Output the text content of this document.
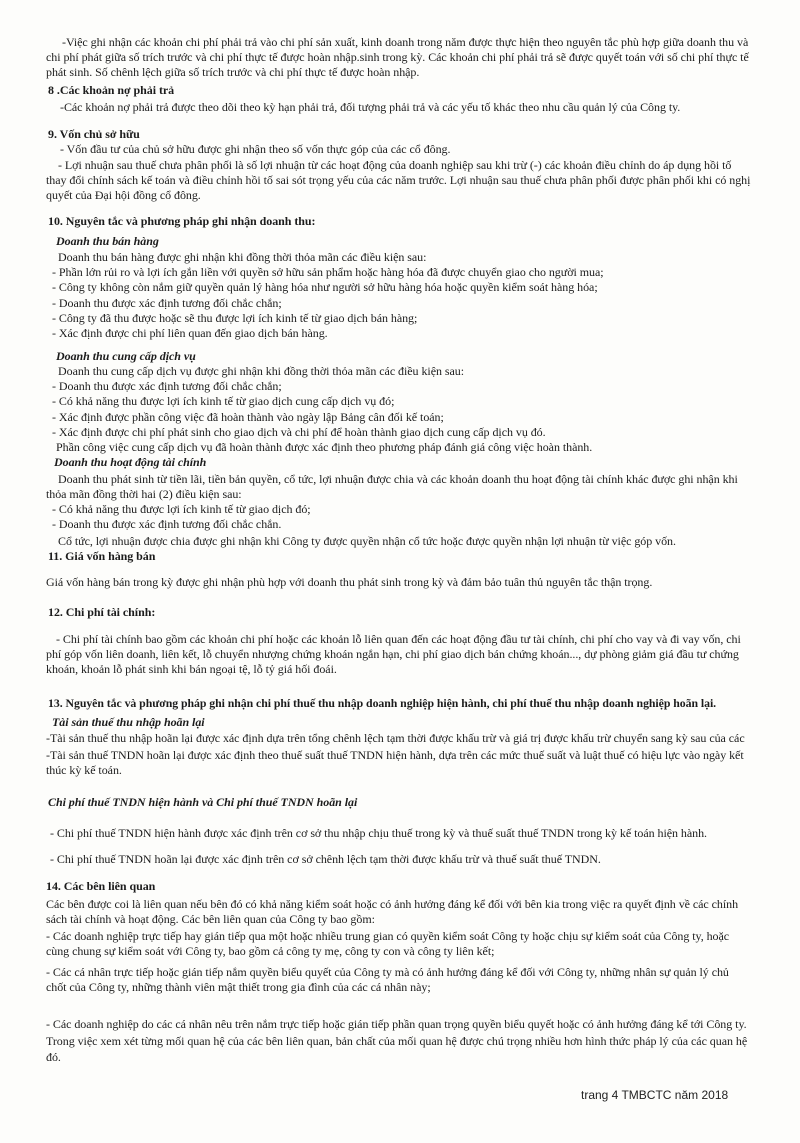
-Việc ghi nhận các khoản chi phí phải trả vào chi phí sản xuất, kinh doanh trong năm được thực hiện theo nguyên tắc phù hợp giữa doanh thu và
chi phí phát giữa số trích trước và chi phí thực tế được hoàn nhập.sinh trong kỳ. Các khoản chi phí phải trả sẽ được quyết toán với số chi phí thực tế
phát sinh. Số chênh lệch giữa số trích trước và chi phí thực tế được hoàn nhập.
8 .Các khoản nợ phải trả
-Các khoản nợ phải trả được theo dõi theo kỳ hạn phải trả, đối tượng phải trả và các yếu tố khác theo nhu cầu quản lý của Công ty.
9. Vốn chủ sở hữu
- Vốn đầu tư của chủ sở hữu được ghi nhận theo số vốn thực góp của các cổ đông.
- Lợi nhuận sau thuế chưa phân phối là số lợi nhuận từ các hoạt động của doanh nghiệp sau khi trừ (-) các khoản điều chỉnh do áp dụng hồi tố
thay đổi chính sách kế toán và điều chỉnh hồi tố sai sót trọng yếu của các năm trước. Lợi nhuận sau thuế chưa phân phối được phân phối khi có nghị
quyết của Đại hội đồng cổ đông.
10. Nguyên tắc và phương pháp ghi nhận doanh thu:
Doanh thu bán hàng
Doanh thu bán hàng được ghi nhận khi đồng thời thỏa mãn các điều kiện sau:
- Phần lớn rủi ro và lợi ích gắn liền với quyền sở hữu sản phẩm hoặc hàng hóa đã được chuyển giao cho người mua;
- Công ty không còn nắm giữ quyền quản lý hàng hóa như người sở hữu hàng hóa hoặc quyền kiểm soát hàng hóa;
- Doanh thu được xác định tương đối chắc chắn;
- Công ty đã thu được hoặc sẽ thu được lợi ích kinh tế từ giao dịch bán hàng;
- Xác định được chi phí liên quan đến giao dịch bán hàng.
Doanh thu cung cấp dịch vụ
Doanh thu cung cấp dịch vụ được ghi nhận khi đồng thời thỏa mãn các điều kiện sau:
- Doanh thu được xác định tương đối chắc chắn;
- Có khả năng thu được lợi ích kinh tế từ giao dịch cung cấp dịch vụ đó;
- Xác định được phần công việc đã hoàn thành vào ngày lập Bảng cân đối kế toán;
- Xác định được chi phí phát sinh cho giao dịch và chi phí để hoàn thành giao dịch cung cấp dịch vụ đó.
Phần công việc cung cấp dịch vụ đã hoàn thành được xác định theo phương pháp đánh giá công việc hoàn thành.
Doanh thu hoạt động tài chính
Doanh thu phát sinh từ tiền lãi, tiền bản quyền, cổ tức, lợi nhuận được chia và các khoản doanh thu hoạt động tài chính khác được ghi nhận khi
thỏa mãn đồng thời hai (2) điều kiện sau:
- Có khả năng thu được lợi ích kinh tế từ giao dịch đó;
- Doanh thu được xác định tương đối chắc chắn.
Cổ tức, lợi nhuận được chia được ghi nhận khi Công ty được quyền nhận cổ tức hoặc được quyền nhận lợi nhuận từ việc góp vốn.
11. Giá vốn hàng bán
Giá vốn hàng bán trong kỳ được ghi nhận phù hợp với doanh thu phát sinh trong kỳ và đảm bảo tuân thủ nguyên tắc thận trọng.
12. Chi phí tài chính:
- Chi phí tài chính bao gồm các khoản chi phí hoặc các khoản lỗ liên quan đến các hoạt động đầu tư tài chính, chi phí cho vay và đi vay vốn, chi
phí góp vốn liên doanh, liên kết, lỗ chuyển nhượng chứng khoán ngắn hạn, chi phí giao dịch bán chứng khoán..., dự phòng giảm giá đầu tư chứng
khoán, khoản lỗ phát sinh khi bán ngoại tệ, lỗ tỷ giá hối đoái.
13. Nguyên tắc và phương pháp ghi nhận chi phí thuế thu nhập doanh nghiệp hiện hành, chi phí thuế thu nhập doanh nghiệp hoãn lại.
Tài sản thuế thu nhập hoãn lại
-Tài sản thuế thu nhập hoãn lại được xác định dựa trên tổng chênh lệch tạm thời được khấu trừ và giá trị được khấu trừ chuyển sang kỳ sau của các
-Tài sản thuế TNDN hoãn lại được xác định theo thuế suất thuế TNDN hiện hành, dựa trên các mức thuế suất và luật thuế có hiệu lực vào ngày kết
thúc kỳ kế toán.
Chi phí thuế TNDN hiện hành và Chi phí thuế TNDN hoãn lại
- Chi phí thuế TNDN hiện hành được xác định trên cơ sở thu nhập chịu thuế trong kỳ và thuế suất thuế TNDN trong kỳ kế toán hiện hành.
- Chi phí thuế TNDN hoãn lại được xác định trên cơ sở chênh lệch tạm thời được khấu trừ và thuế suất thuế TNDN.
14. Các bên liên quan
Các bên được coi là liên quan nếu bên đó có khả năng kiểm soát hoặc có ảnh hưởng đáng kể đối với bên kia trong việc ra quyết định về các chính
sách tài chính và hoạt động. Các bên liên quan của Công ty bao gồm:
- Các doanh nghiệp trực tiếp hay gián tiếp qua một hoặc nhiều trung gian có quyền kiểm soát Công ty hoặc chịu sự kiểm soát của Công ty, hoặc
cùng chung sự kiểm soát với Công ty, bao gồm cả công ty mẹ, công ty con và công ty liên kết;
- Các cá nhân trực tiếp hoặc gián tiếp nắm quyền biểu quyết của Công ty mà có ảnh hưởng đáng kể đối với Công ty, những nhân sự quản lý chủ
chốt của Công ty, những thành viên mật thiết trong gia đình của các cá nhân này;
- Các doanh nghiệp do các cá nhân nêu trên nắm trực tiếp hoặc gián tiếp phần quan trọng quyền biểu quyết hoặc có ảnh hưởng đáng kể tới Công ty.
Trong việc xem xét từng mối quan hệ của các bên liên quan, bản chất của mối quan hệ được chú trọng nhiều hơn hình thức pháp lý của các quan hệ
đó.
trang 4 TMBCTC năm 2018
